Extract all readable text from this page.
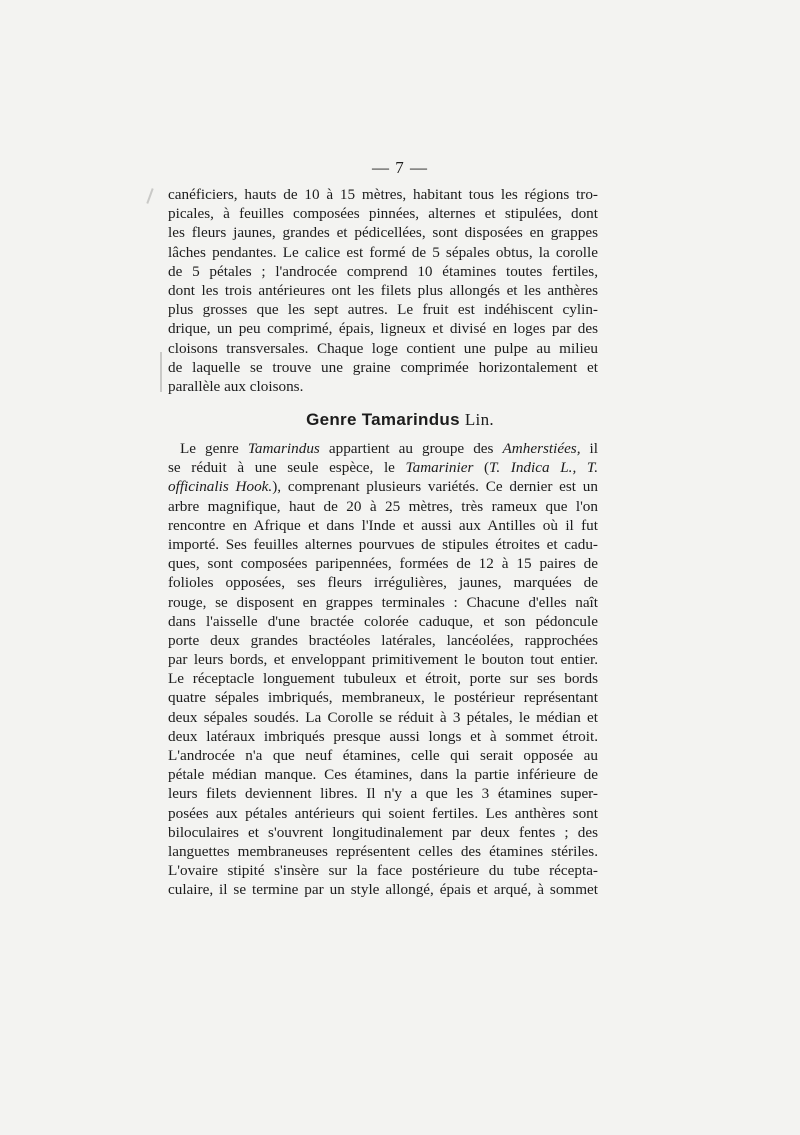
— 7 —
canéficiers, hauts de 10 à 15 mètres, habitant tous les régions tro-
picales, à feuilles composées pinnées, alternes et stipulées, dont
les fleurs jaunes, grandes et pédicellées, sont disposées en grappes
lâches pendantes. Le calice est formé de 5 sépales obtus, la corolle
de 5 pétales ; l'androcée comprend 10 étamines toutes fertiles,
dont les trois antérieures ont les filets plus allongés et les anthères
plus grosses que les sept autres. Le fruit est indéhiscent cylin-
drique, un peu comprimé, épais, ligneux et divisé en loges par des
cloisons transversales. Chaque loge contient une pulpe au milieu
de laquelle se trouve une graine comprimée horizontalement et
parallèle aux cloisons.
Genre Tamarindus Lin.
Le genre Tamarindus appartient au groupe des Amherstiées, il
se réduit à une seule espèce, le Tamarinier (T. Indica L., T.
officinalis Hook.), comprenant plusieurs variétés. Ce dernier est un
arbre magnifique, haut de 20 à 25 mètres, très rameux que l'on
rencontre en Afrique et dans l'Inde et aussi aux Antilles où il fut
importé. Ses feuilles alternes pourvues de stipules étroites et cadu-
ques, sont composées paripennées, formées de 12 à 15 paires de
folioles opposées, ses fleurs irrégulières, jaunes, marquées de
rouge, se disposent en grappes terminales : Chacune d'elles naît
dans l'aisselle d'une bractée colorée caduque, et son pédoncule
porte deux grandes bractéoles latérales, lancéolées, rapprochées
par leurs bords, et enveloppant primitivement le bouton tout entier.
Le réceptacle longuement tubuleux et étroit, porte sur ses bords
quatre sépales imbriqués, membraneux, le postérieur représentant
deux sépales soudés. La Corolle se réduit à 3 pétales, le médian et
deux latéraux imbriqués presque aussi longs et à sommet étroit.
L'androcée n'a que neuf étamines, celle qui serait opposée au
pétale médian manque. Ces étamines, dans la partie inférieure de
leurs filets deviennent libres. Il n'y a que les 3 étamines super-
posées aux pétales antérieurs qui soient fertiles. Les anthères sont
biloculaires et s'ouvrent longitudinalement par deux fentes ; des
languettes membraneuses représentent celles des étamines stériles.
L'ovaire stipité s'insère sur la face postérieure du tube récepta-
culaire, il se termine par un style allongé, épais et arqué, à sommet
